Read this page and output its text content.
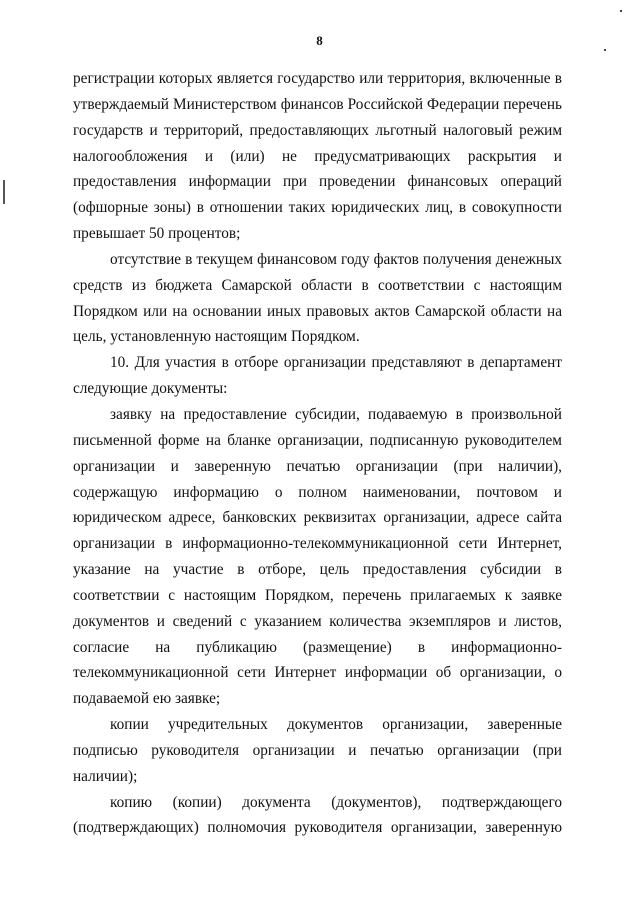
8
регистрации которых является государство или территория, включенные в
утверждаемый Министерством финансов Российской Федерации перечень
государств и территорий, предоставляющих льготный налоговый режим
налогообложения и (или) не предусматривающих раскрытия и
предоставления информации при проведении финансовых операций
(офшорные зоны) в отношении таких юридических лиц, в совокупности
превышает 50 процентов;
отсутствие в текущем финансовом году фактов получения денежных
средств из бюджета Самарской области в соответствии с настоящим
Порядком или на основании иных правовых актов Самарской области на
цель, установленную настоящим Порядком.
10. Для участия в отборе организации представляют в департамент
следующие документы:
заявку на предоставление субсидии, подаваемую в произвольной
письменной форме на бланке организации, подписанную руководителем
организации и заверенную печатью организации (при наличии),
содержащую информацию о полном наименовании, почтовом и
юридическом адресе, банковских реквизитах организации, адресе сайта
организации в информационно-телекоммуникационной сети Интернет,
указание на участие в отборе, цель предоставления субсидии в
соответствии с настоящим Порядком, перечень прилагаемых к заявке
документов и сведений с указанием количества экземпляров и листов,
согласие на публикацию (размещение) в информационно-
телекоммуникационной сети Интернет информации об организации, о
подаваемой ею заявке;
копии учредительных документов организации, заверенные
подписью руководителя организации и печатью организации (при
наличии);
копию (копии) документа (документов), подтверждающего
(подтверждающих) полномочия руководителя организации, заверенную
